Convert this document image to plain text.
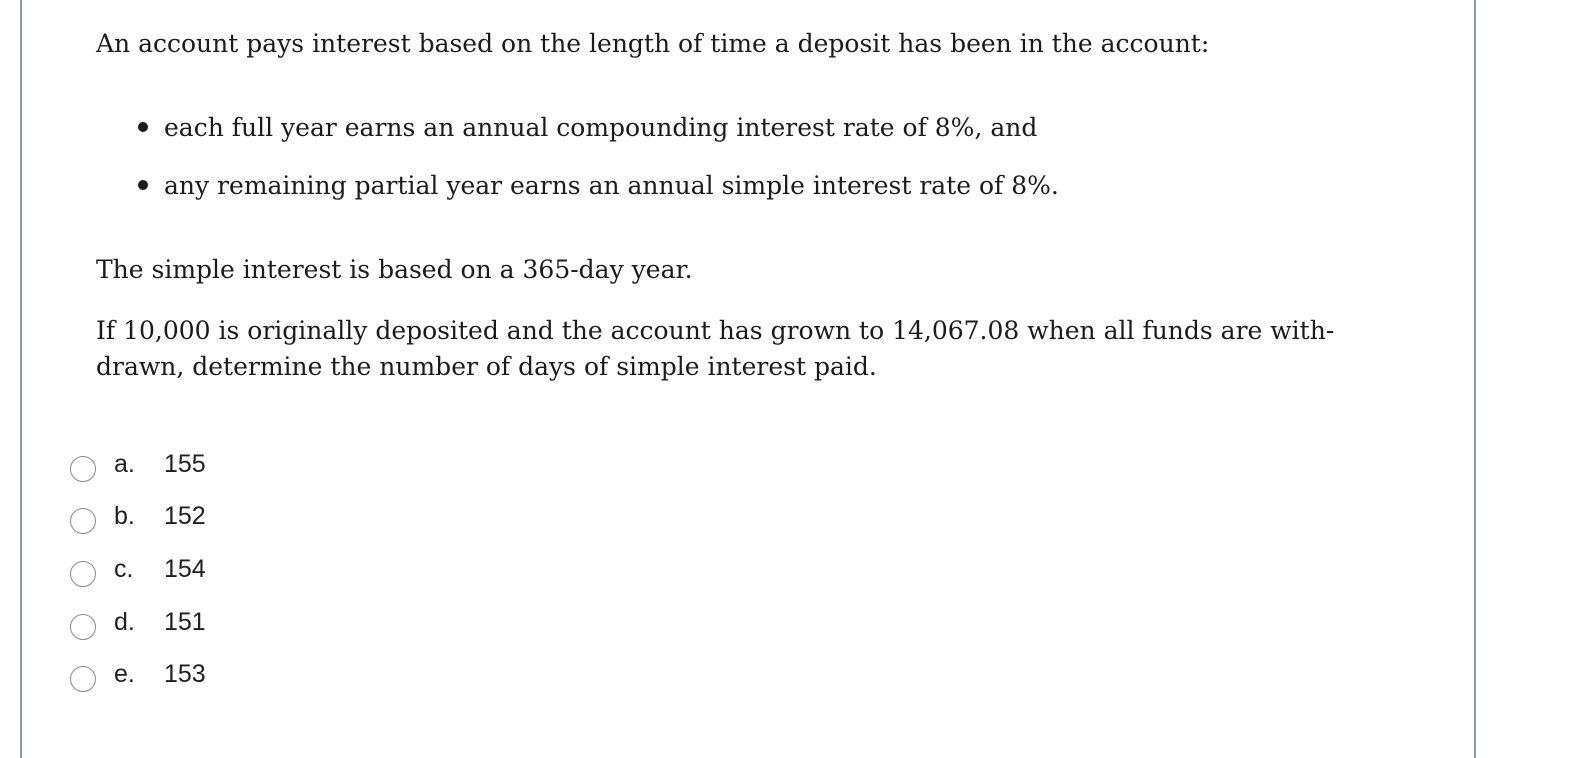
An account pays interest based on the length of time a deposit has been in the account:
each full year earns an annual compounding interest rate of 8%, and
any remaining partial year earns an annual simple interest rate of 8%.
The simple interest is based on a 365-day year.
If 10,000 is originally deposited and the account has grown to 14,067.08 when all funds are with-
drawn, determine the number of days of simple interest paid.
a. 155
b. 152
c. 154
d. 151
e. 153
